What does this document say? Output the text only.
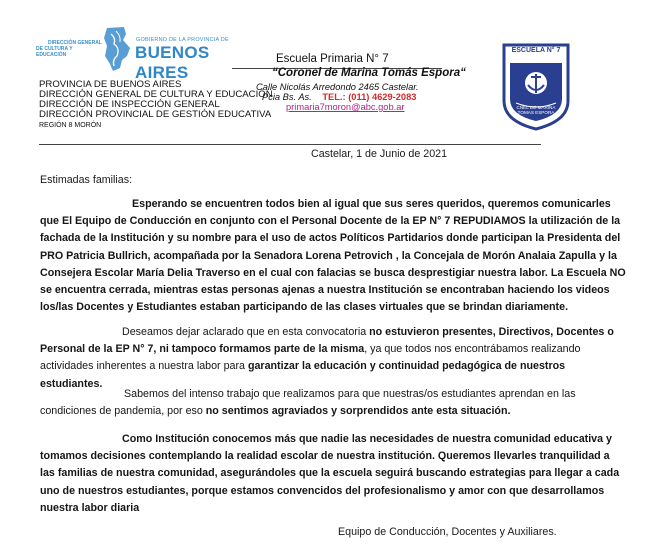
GOBIERNO DE LA PROVINCIA DE
BUENOS AIRES
DIRECCIÓN GENERAL
DE CULTURA Y EDUCACIÓN
PROVINCIA DE BUENOS AIRES
DIRECCIÓN GENERAL DE CULTURA Y EDUCACIÓN
DIRECCIÓN DE INSPECCIÓN GENERAL
DIRECCIÓN PROVINCIAL DE GESTIÓN EDUCATIVA
REGIÓN 8 MORÓN
Escuela Primaria N° 7
“Coronel de Marina Tomás Espora“
Calle Nicolás Arredondo 2465 Castelar.
Pcia Bs. As. TEL.: (011) 4629-2083
primaria7moron@abc.gob.ar
ESCUELA N° 7
CNEL DE MARINA
TOMAS ESPORA
Castelar, 1 de Junio de 2021
Estimadas familias:
Esperando se encuentren todos bien al igual que sus seres queridos, queremos comunicarles que El Equipo de Conducción en conjunto con el Personal Docente de la EP N° 7 REPUDIAMOS la utilización de la fachada de la Institución y su nombre para el uso de actos Políticos Partidarios donde participan la Presidenta del PRO Patricia Bullrich, acompañada por la Senadora Lorena Petrovich , la Concejala de Morón Analaia Zapulla y la Consejera Escolar María Delia Traverso en el cual con falacias se busca desprestigiar nuestra labor. La Escuela NO se encuentra cerrada, mientras estas personas ajenas a nuestra Institución se encontraban haciendo los videos los/las Docentes y Estudiantes estaban participando de las clases virtuales que se brindan diariamente.
Deseamos dejar aclarado que en esta convocatoria no estuvieron presentes, Directivos, Docentes o Personal de la EP N° 7, ni tampoco formamos parte de la misma, ya que todos nos encontrábamos realizando actividades inherentes a nuestra labor para garantizar la educación y continuidad pedagógica de nuestros estudiantes.
Sabemos del intenso trabajo que realizamos para que nuestras/os estudiantes aprendan en las condiciones de pandemia, por eso no sentimos agraviados y sorprendidos ante esta situación.
Como Institución conocemos más que nadie las necesidades de nuestra comunidad educativa y tomamos decisiones contemplando la realidad escolar de nuestra institución. Queremos llevarles tranquilidad a las familias de nuestra comunidad, asegurándoles que la escuela seguirá buscando estrategias para llegar a cada uno de nuestros estudiantes, porque estamos convencidos del profesionalismo y amor con que desarrollamos nuestra labor diaria
Equipo de Conducción, Docentes y Auxiliares.
